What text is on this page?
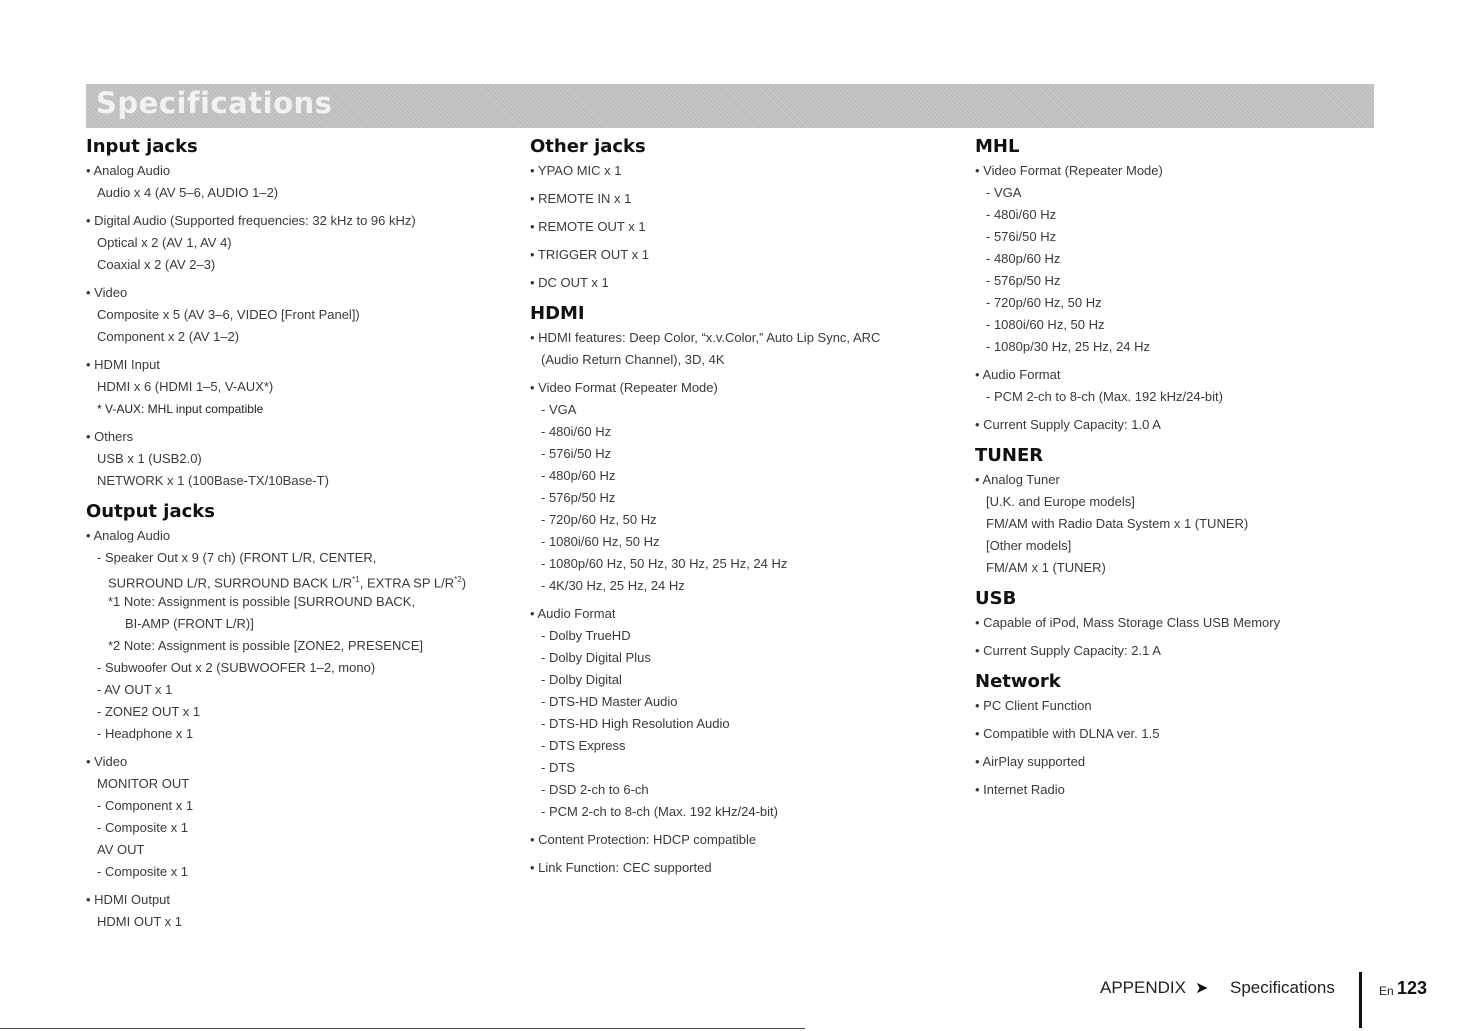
Specifications
Input jacks
• Analog Audio
Audio x 4 (AV 5–6, AUDIO 1–2)
• Digital Audio (Supported frequencies: 32 kHz to 96 kHz)
Optical x 2 (AV 1, AV 4)
Coaxial x 2 (AV 2–3)
• Video
Composite x 5 (AV 3–6, VIDEO [Front Panel])
Component x 2 (AV 1–2)
• HDMI Input
HDMI x 6 (HDMI 1–5, V-AUX*)
* V-AUX: MHL input compatible
• Others
USB x 1 (USB2.0)
NETWORK x 1 (100Base-TX/10Base-T)
Output jacks
• Analog Audio
- Speaker Out x 9 (7 ch) (FRONT L/R, CENTER,
SURROUND L/R, SURROUND BACK $L/R^{*1}$, EXTRA SP $L/R^{*2}$)
*1 Note: Assignment is possible [SURROUND BACK,
BI-AMP (FRONT L/R)]
*2 Note: Assignment is possible [ZONE2, PRESENCE]
- Subwoofer Out x 2 (SUBWOOFER 1–2, mono)
- AV OUT x 1
- ZONE2 OUT x 1
- Headphone x 1
• Video
MONITOR OUT
- Component x 1
- Composite x 1
AV OUT
- Composite x 1
• HDMI Output
HDMI OUT x 1
Other jacks
• YPAO MIC x 1
• REMOTE IN x 1
• REMOTE OUT x 1
• TRIGGER OUT x 1
• DC OUT x 1
HDMI
• HDMI features: Deep Color, “x.v.Color,” Auto Lip Sync, ARC
(Audio Return Channel), 3D, 4K
• Video Format (Repeater Mode)
- VGA
- 480i/60 Hz
- 576i/50 Hz
- 480p/60 Hz
- 576p/50 Hz
- 720p/60 Hz, 50 Hz
- 1080i/60 Hz, 50 Hz
- 1080p/60 Hz, 50 Hz, 30 Hz, 25 Hz, 24 Hz
- 4K/30 Hz, 25 Hz, 24 Hz
• Audio Format
- Dolby TrueHD
- Dolby Digital Plus
- Dolby Digital
- DTS-HD Master Audio
- DTS-HD High Resolution Audio
- DTS Express
- DTS
- DSD 2-ch to 6-ch
- PCM 2-ch to 8-ch (Max. 192 kHz/24-bit)
• Content Protection: HDCP compatible
• Link Function: CEC supported
MHL
• Video Format (Repeater Mode)
- VGA
- 480i/60 Hz
- 576i/50 Hz
- 480p/60 Hz
- 576p/50 Hz
- 720p/60 Hz, 50 Hz
- 1080i/60 Hz, 50 Hz
- 1080p/30 Hz, 25 Hz, 24 Hz
• Audio Format
- PCM 2-ch to 8-ch (Max. 192 kHz/24-bit)
• Current Supply Capacity: 1.0 A
TUNER
• Analog Tuner
[U.K. and Europe models]
FM/AM with Radio Data System x 1 (TUNER)
[Other models]
FM/AM x 1 (TUNER)
USB
• Capable of iPod, Mass Storage Class USB Memory
• Current Supply Capacity: 2.1 A
Network
• PC Client Function
• Compatible with DLNA ver. 1.5
• AirPlay supported
• Internet Radio
APPENDIX ➤ Specifications	En 123
